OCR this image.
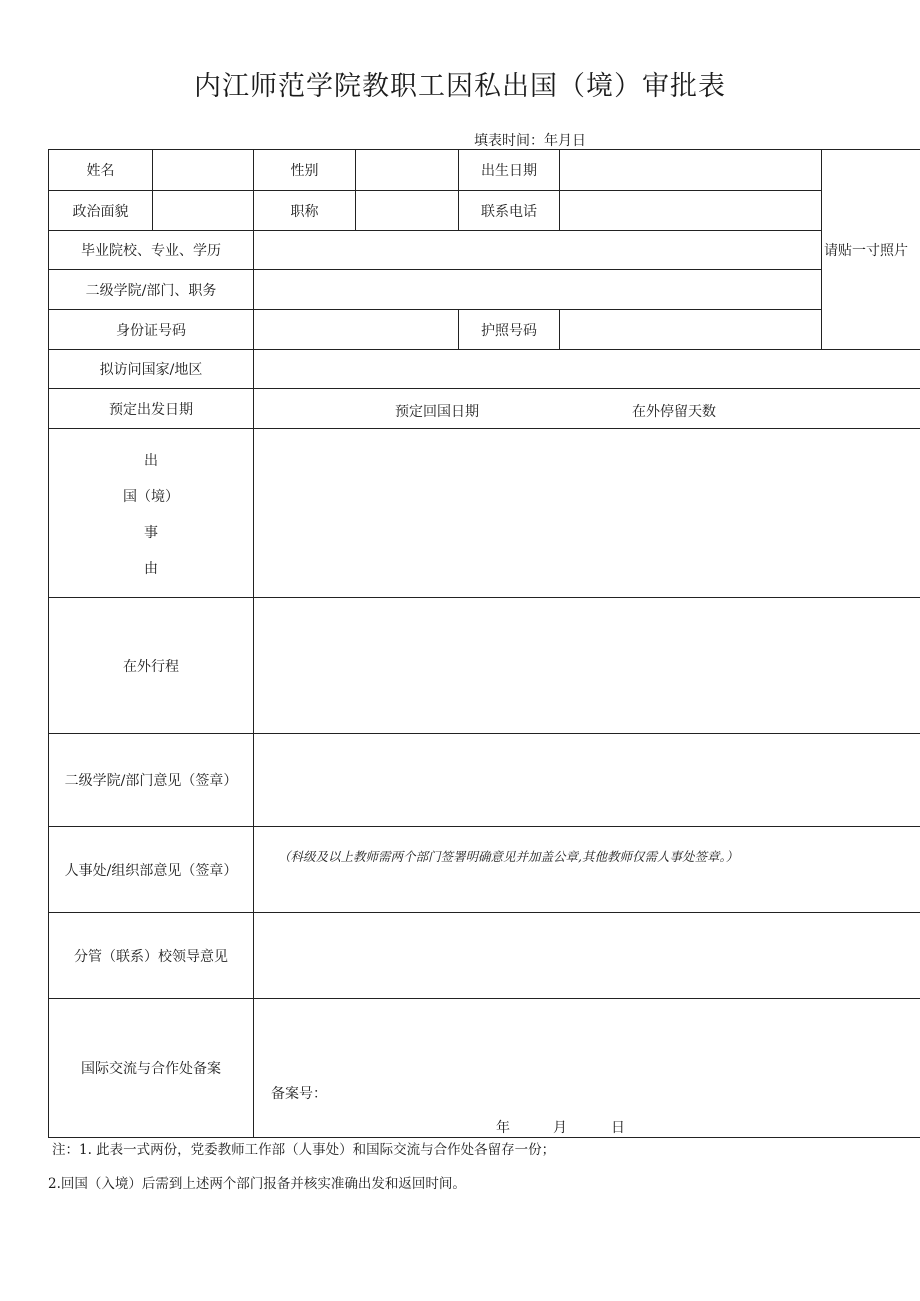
内江师范学院教职工因私出国（境）审批表
填表时间：年月日
姓名		性别		出生日期		请贴一寸照片
政治面貌		职称		联系电话		
毕业院校、专业、学历						
二级学院/部门、职务						
身份证号码				护照号码		
拟访问国家/地区						
预定出发日期		预定回国日期 在外停留天数				

出
国（境）
事
由						

在外行程						
二级学院/部门意见（签章）						
人事处/组织部意见（签章）		（科级及以上教师需两个部门签署明确意见并加盖公章,其他教师仅需人事处签章。）				

分管（联系）校领导意见						
国际交流与合作处备案		备案号：
年 月 日				
注：1. 此表一式两份，党委教师工作部（人事处）和国际交流与合作处各留存一份；
2.回国（入境）后需到上述两个部门报备并核实准确出发和返回时间。
